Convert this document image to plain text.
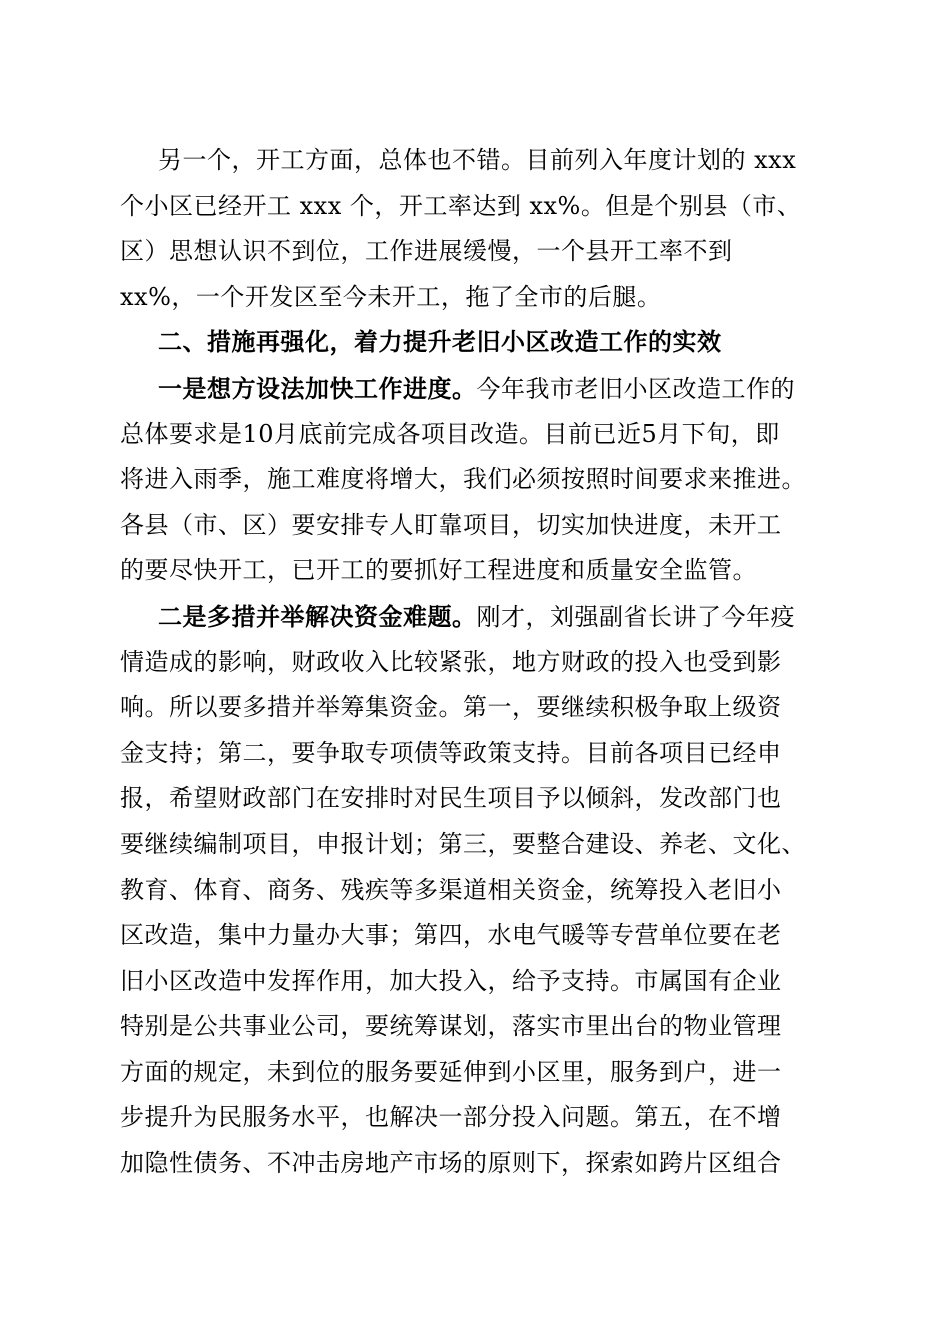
另一个，开工方面，总体也不错。目前列入年度计划的 xxx
个小区已经开工 xxx 个，开工率达到 xx%。但是个别县（市、
区）思想认识不到位，工作进展缓慢，一个县开工率不到
xx%，一个开发区至今未开工，拖了全市的后腿。
二、措施再强化，着力提升老旧小区改造工作的实效
一是想方设法加快工作进度。今年我市老旧小区改造工作的
总体要求是10月底前完成各项目改造。目前已近5月下旬，即
将进入雨季，施工难度将增大，我们必须按照时间要求来推进。
各县（市、区）要安排专人盯靠项目，切实加快进度，未开工
的要尽快开工，已开工的要抓好工程进度和质量安全监管。
二是多措并举解决资金难题。刚才，刘强副省长讲了今年疫
情造成的影响，财政收入比较紧张，地方财政的投入也受到影
响。所以要多措并举筹集资金。第一，要继续积极争取上级资
金支持；第二，要争取专项债等政策支持。目前各项目已经申
报，希望财政部门在安排时对民生项目予以倾斜，发改部门也
要继续编制项目，申报计划；第三，要整合建设、养老、文化、
教育、体育、商务、残疾等多渠道相关资金，统筹投入老旧小
区改造，集中力量办大事；第四，水电气暖等专营单位要在老
旧小区改造中发挥作用，加大投入，给予支持。市属国有企业
特别是公共事业公司，要统筹谋划，落实市里出台的物业管理
方面的规定，未到位的服务要延伸到小区里，服务到户，进一
步提升为民服务水平，也解决一部分投入问题。第五，在不增
加隐性债务、不冲击房地产市场的原则下，探索如跨片区组合
